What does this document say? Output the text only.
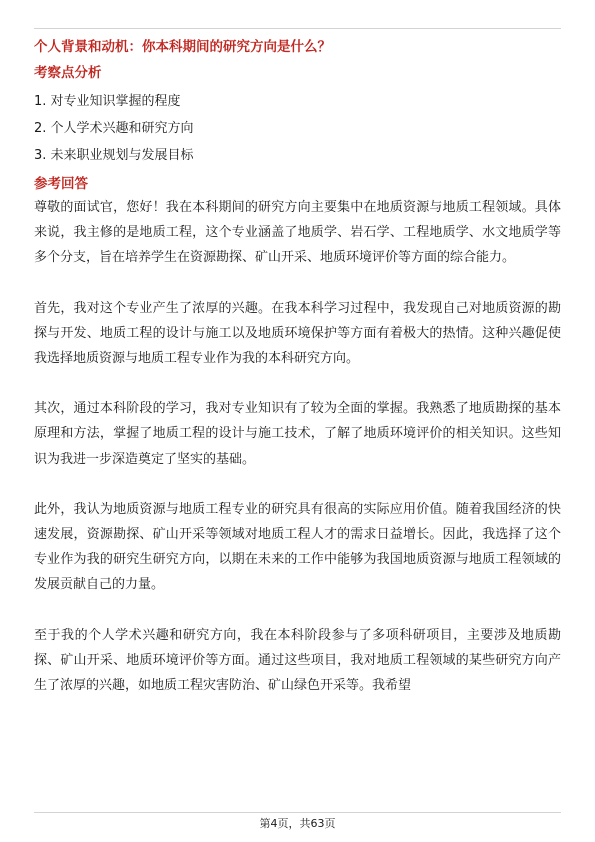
个人背景和动机：你本科期间的研究方向是什么？
考察点分析
1. 对专业知识掌握的程度
2. 个人学术兴趣和研究方向
3. 未来职业规划与发展目标
参考回答

尊敬的面试官，您好！我在本科期间的研究方向主要集中在地质资源与地质工程领域。具体来说，我主修的是地质工程，这个专业涵盖了地质学、岩石学、工程地质学、水文地质学等多个分支，旨在培养学生在资源勘探、矿山开采、地质环境评价等方面的综合能力。

首先，我对这个专业产生了浓厚的兴趣。在我本科学习过程中，我发现自己对地质资源的勘探与开发、地质工程的设计与施工以及地质环境保护等方面有着极大的热情。这种兴趣促使我选择地质资源与地质工程专业作为我的本科研究方向。

其次，通过本科阶段的学习，我对专业知识有了较为全面的掌握。我熟悉了地质勘探的基本原理和方法，掌握了地质工程的设计与施工技术，了解了地质环境评价的相关知识。这些知识为我进一步深造奠定了坚实的基础。

此外，我认为地质资源与地质工程专业的研究具有很高的实际应用价值。随着我国经济的快速发展，资源勘探、矿山开采等领域对地质工程人才的需求日益增长。因此，我选择了这个专业作为我的研究生研究方向，以期在未来的工作中能够为我国地质资源与地质工程领域的发展贡献自己的力量。

至于我的个人学术兴趣和研究方向，我在本科阶段参与了多项科研项目，主要涉及地质勘探、矿山开采、地质环境评价等方面。通过这些项目，我对地质工程领域的某些研究方向产生了浓厚的兴趣，如地质工程灾害防治、矿山绿色开采等。我希望

第4页，共63页
